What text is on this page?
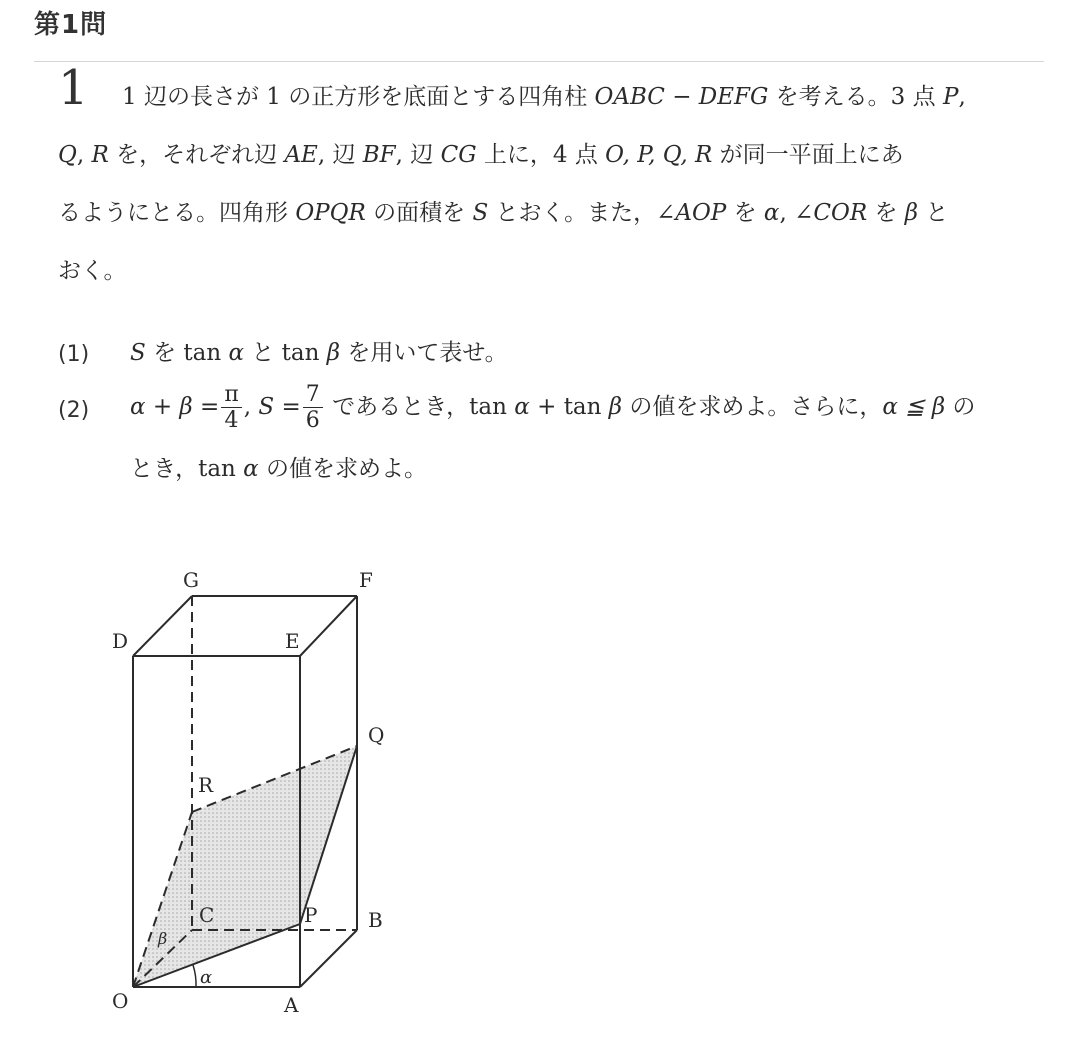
第1問
1 1 辺の長さが 1 の正方形を底面とする四角柱 OABC − DEFG を考える。3 点 P,
Q, R を，それぞれ辺 AE, 辺 BF, 辺 CG 上に，4 点 O, P, Q, R が同一平面上にあ
るようにとる。四角形 OPQR の面積を S とおく。また，∠AOP を α, ∠COR を β と
おく。
(1) S を tan α と tan β を用いて表せ。
(2) $\alpha + \beta = \frac{\pi}{4}$ , $S = \frac{7}{6}$ であるとき，tan α + tan β の値を求めよ。さらに，α ≦ β の
とき，tan α の値を求めよ。
G	F
D	E
Q
R
C	P	B
O	A
α
β
